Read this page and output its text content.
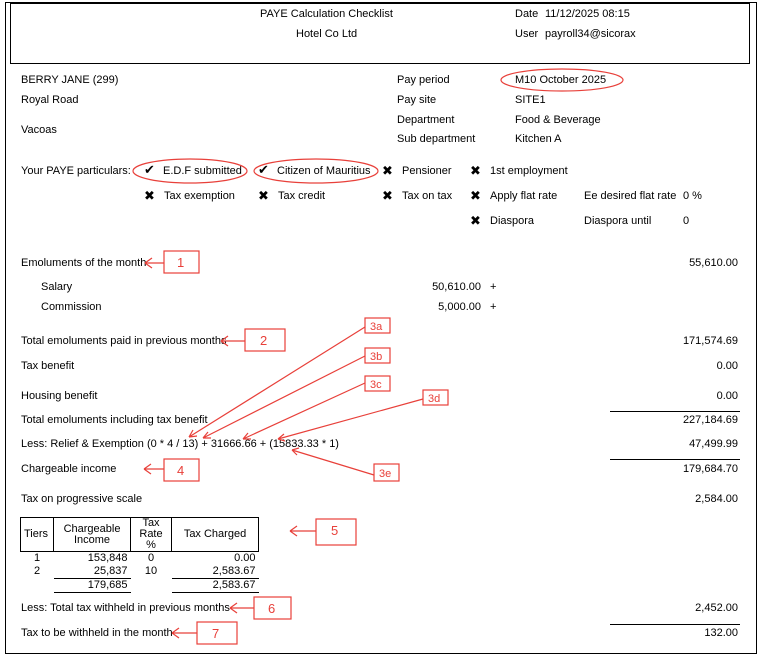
PAYE Calculation Checklist
Hotel Co Ltd
Date 11/12/2025 08:15
User payroll34@sicorax
BERRY JANE (299)
Royal Road
Vacoas
Pay period	M10 October 2025
Pay site	SITE1
Department	Food & Beverage
Sub department	Kitchen A
Your PAYE particulars: ✔ E.D.F submitted ✔ Citizen of Mauritius ✖ Pensioner ✖ 1st employment
✖ Tax exemption ✖ Tax credit	✖ Tax on tax ✖ Apply flat rate Ee desired flat rate 0 %
✖ Diaspora	Diaspora until	0
Emoluments of the month	55,610.00
Salary	50,610.00 +
Commission	5,000.00 +
Total emoluments paid in previous months	171,574.69
Tax benefit	0.00
Housing benefit	0.00
Total emoluments including tax benefit	227,184.69
Less: Relief & Exemption (0 * 4 / 13) + 31666.66 + (15833.33 * 1)	47,499.99
Chargeable income	179,684.70
Tax on progressive scale	2,584.00
Tiers	Chargeable Income	Tax Rate %	Tax Charged
1	153,848	0	0.00
2	25,837	10	2,583.67
	179,685		2,583.67
Less: Total tax withheld in previous months	2,452.00
Tax to be withheld in the month	132.00
1
2
3a
3b
3c
3d
3e
4
5
6
7
